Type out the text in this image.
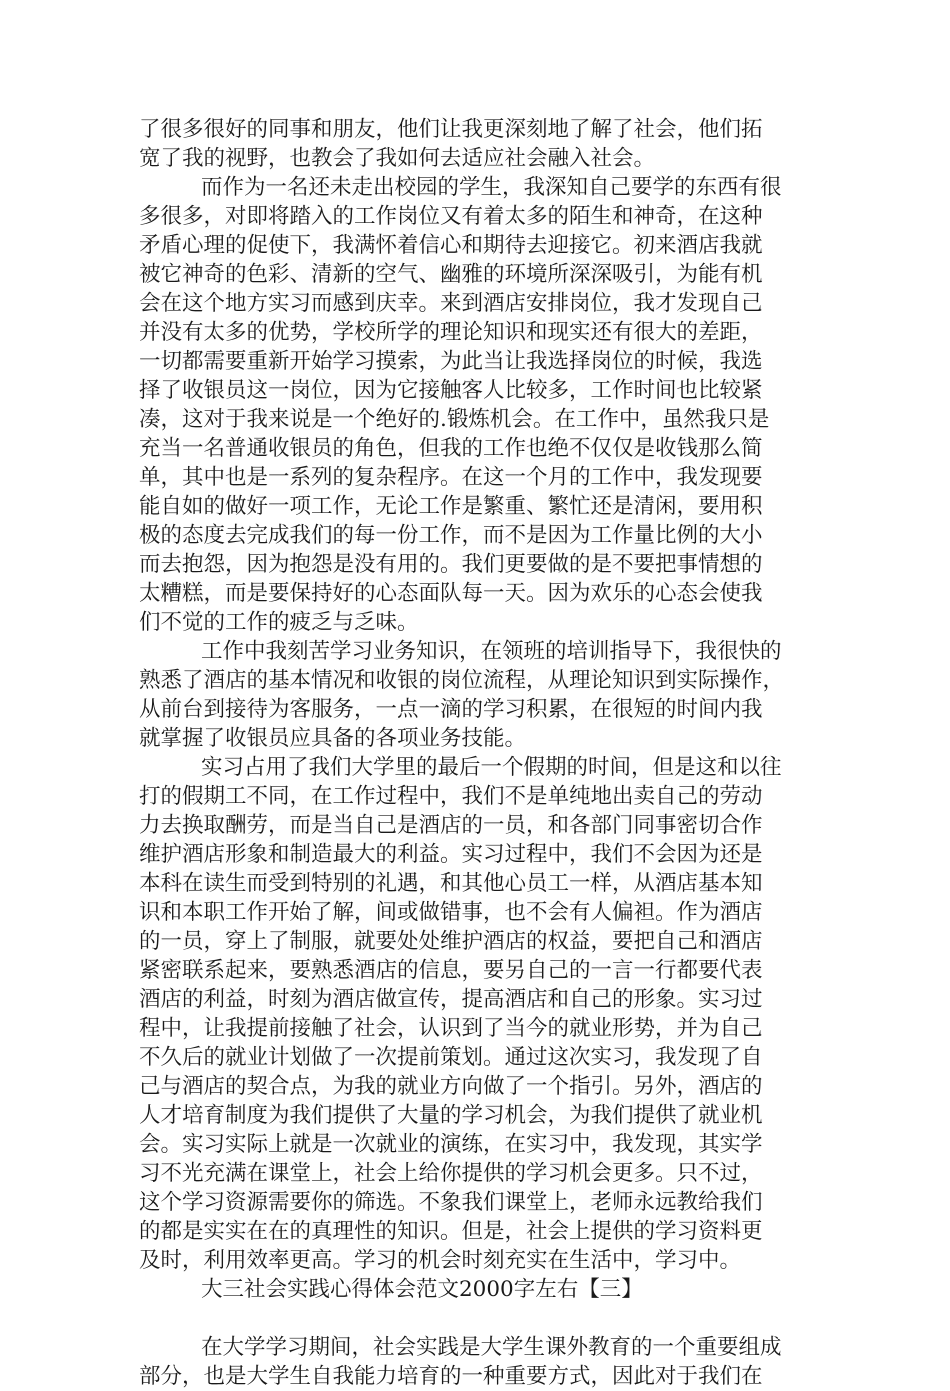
了很多很好的同事和朋友，他们让我更深刻地了解了社会，他们拓
宽了我的视野，也教会了我如何去适应社会融入社会。
而作为一名还未走出校园的学生，我深知自己要学的东西有很
多很多，对即将踏入的工作岗位又有着太多的陌生和神奇，在这种
矛盾心理的促使下，我满怀着信心和期待去迎接它。初来酒店我就
被它神奇的色彩、清新的空气、幽雅的环境所深深吸引，为能有机
会在这个地方实习而感到庆幸。来到酒店安排岗位，我才发现自己
并没有太多的优势，学校所学的理论知识和现实还有很大的差距，
一切都需要重新开始学习摸索，为此当让我选择岗位的时候，我选
择了收银员这一岗位，因为它接触客人比较多，工作时间也比较紧
凑，这对于我来说是一个绝好的.锻炼机会。在工作中，虽然我只是
充当一名普通收银员的角色，但我的工作也绝不仅仅是收钱那么简
单，其中也是一系列的复杂程序。在这一个月的工作中，我发现要
能自如的做好一项工作，无论工作是繁重、繁忙还是清闲，要用积
极的态度去完成我们的每一份工作，而不是因为工作量比例的大小
而去抱怨，因为抱怨是没有用的。我们更要做的是不要把事情想的
太糟糕，而是要保持好的心态面队每一天。因为欢乐的心态会使我
们不觉的工作的疲乏与乏味。
工作中我刻苦学习业务知识，在领班的培训指导下，我很快的
熟悉了酒店的基本情况和收银的岗位流程，从理论知识到实际操作，
从前台到接待为客服务，一点一滴的学习积累，在很短的时间内我
就掌握了收银员应具备的各项业务技能。
实习占用了我们大学里的最后一个假期的时间，但是这和以往
打的假期工不同，在工作过程中，我们不是单纯地出卖自己的劳动
力去换取酬劳，而是当自己是酒店的一员，和各部门同事密切合作
维护酒店形象和制造最大的利益。实习过程中，我们不会因为还是
本科在读生而受到特别的礼遇，和其他心员工一样，从酒店基本知
识和本职工作开始了解，间或做错事，也不会有人偏袒。作为酒店
的一员，穿上了制服，就要处处维护酒店的权益，要把自己和酒店
紧密联系起来，要熟悉酒店的信息，要另自己的一言一行都要代表
酒店的利益，时刻为酒店做宣传，提高酒店和自己的形象。实习过
程中，让我提前接触了社会，认识到了当今的就业形势，并为自己
不久后的就业计划做了一次提前策划。通过这次实习，我发现了自
己与酒店的契合点，为我的就业方向做了一个指引。另外，酒店的
人才培育制度为我们提供了大量的学习机会，为我们提供了就业机
会。实习实际上就是一次就业的演练，在实习中，我发现，其实学
习不光充满在课堂上，社会上给你提供的学习机会更多。只不过，
这个学习资源需要你的筛选。不象我们课堂上，老师永远教给我们
的都是实实在在的真理性的知识。但是，社会上提供的学习资料更
及时，利用效率更高。学习的机会时刻充实在生活中，学习中。
大三社会实践心得体会范文2000字左右【三】
在大学学习期间，社会实践是大学生课外教育的一个重要组成
部分，也是大学生自我能力培育的一种重要方式，因此对于我们在
